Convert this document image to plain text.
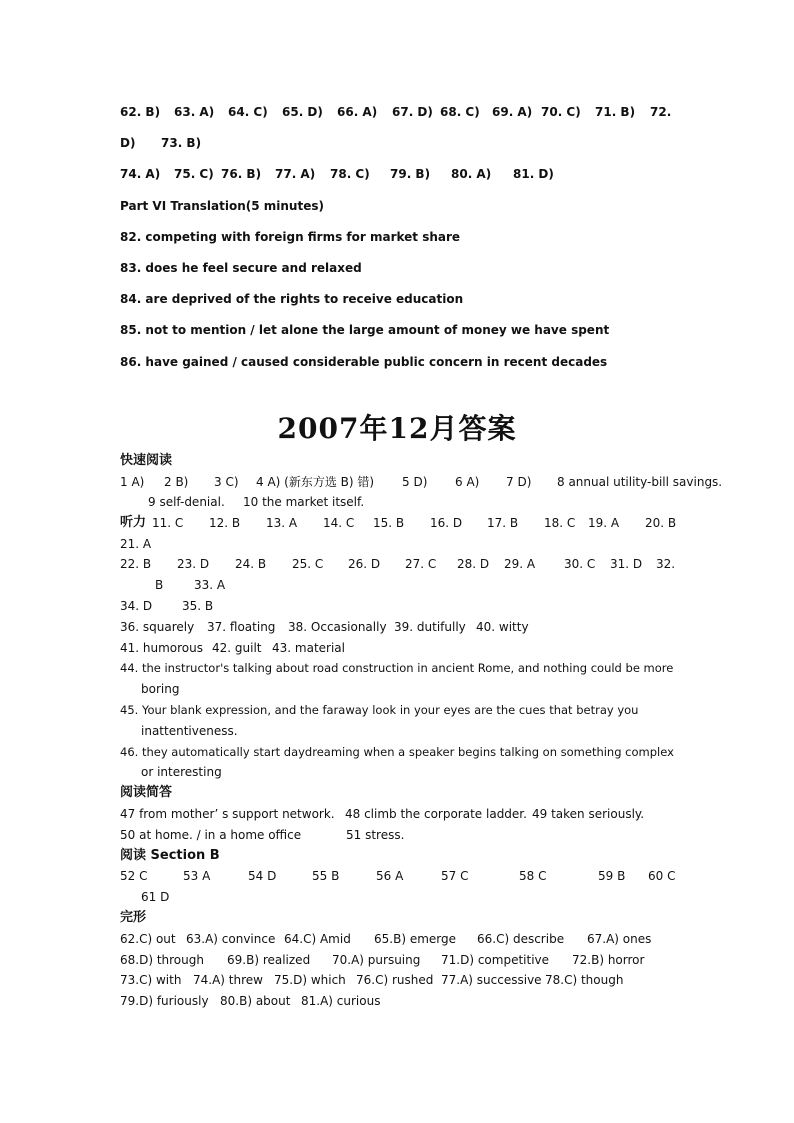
62. B) 63. A) 64. C) 65. D) 66. A) 67. D) 68. C) 69. A) 70. C) 71. B) 72.
D) 73. B)
74. A) 75. C) 76. B) 77. A) 78. C) 79. B) 80. A) 81. D)
Part VI Translation(5 minutes)
82. competing with foreign firms for market share
83. does he feel secure and relaxed
84. are deprived of the rights to receive education
85. not to mention / let alone the large amount of money we have spent
86. have gained / caused considerable public concern in recent decades
2007年12月答案
快速阅读
1 A) 2 B) 3 C) 4 A) (新东方选 B) 错) 5 D) 6 A) 7 D) 8 annual utility-bill savings.
9 self-denial. 10 the market itself.
听力 11. C 12. B 13. A 14. C 15. B 16. D 17. B 18. C 19. A 20. B
21. A
22. B 23. D 24. B 25. C 26. D 27. C 28. D 29. A 30. C 31. D 32.
B	33. A
34. D 35. B
36. squarely 37. floating 38. Occasionally 39. dutifully 40. witty
41. humorous 42. guilt 43. material
44. the instructor's talking about road construction in ancient Rome, and nothing could be more
boring
45. Your blank expression, and the faraway look in your eyes are the cues that betray you
inattentiveness.
46. they automatically start daydreaming when a speaker begins talking on something complex
or interesting
阅读简答
47 from mother’ s support network. 48 climb the corporate ladder. 49 taken seriously.
50 at home. / in a home office	51 stress.
阅读 Section B
52 C	53 A	54 D	55 B	56 A	57 C	58 C	59 B 60 C
61 D
完形
62.C) out 63.A) convince 64.C) Amid 65.B) emerge 66.C) describe 67.A) ones
68.D) through 69.B) realized 70.A) pursuing 71.D) competitive 72.B) horror
73.C) with 74.A) threw 75.D) which 76.C) rushed 77.A) successive 78.C) though
79.D) furiously 80.B) about 81.A) curious
